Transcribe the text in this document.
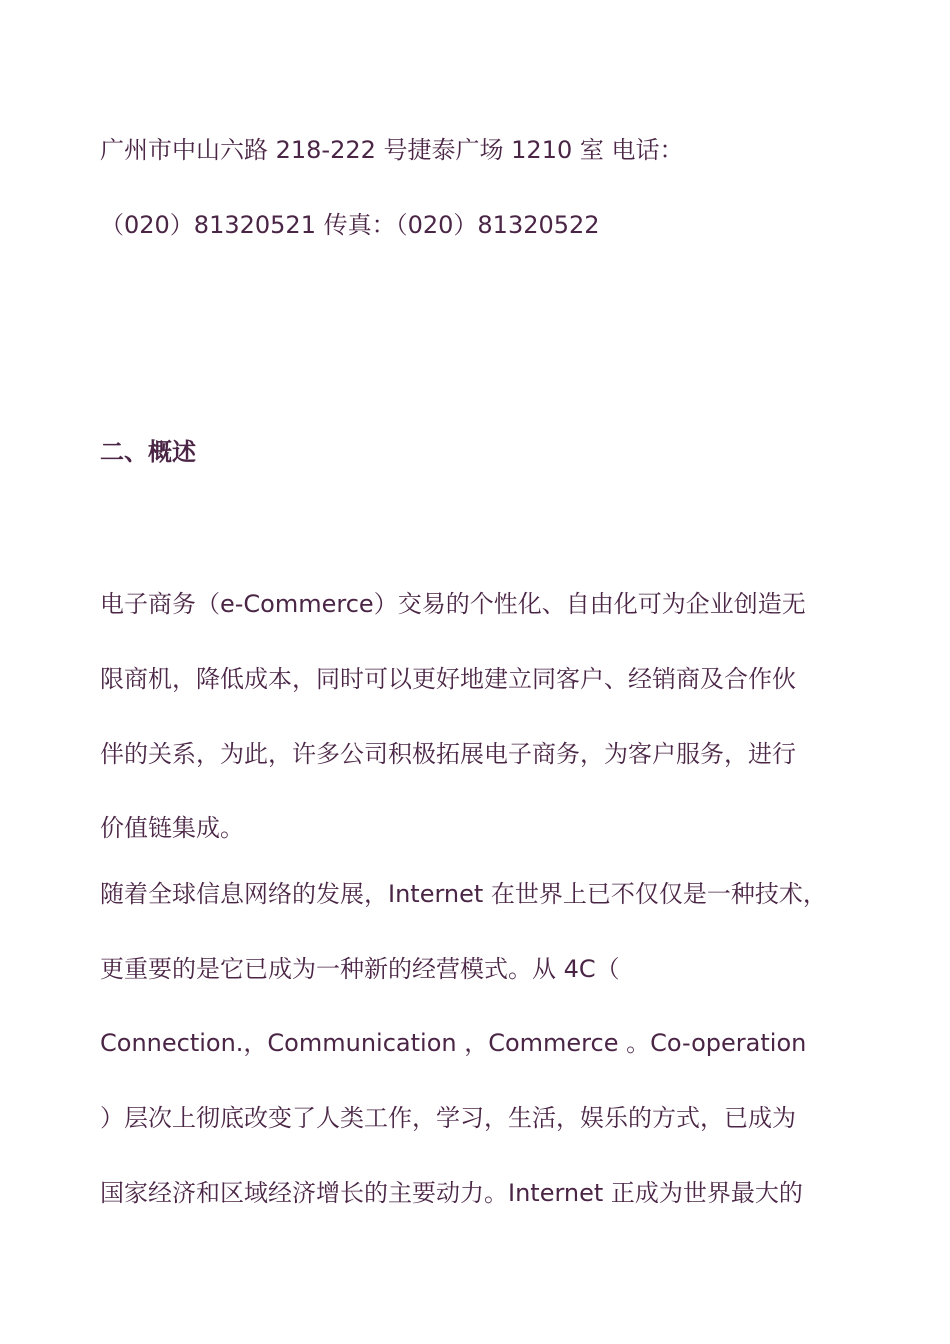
广州市中山六路 218-222 号捷泰广场 1210 室 电话：
（020）81320521 传真：（020）81320522
二、概述
电子商务（e-Commerce）交易的个性化、自由化可为企业创造无
限商机，降低成本，同时可以更好地建立同客户、经销商及合作伙
伴的关系，为此，许多公司积极拓展电子商务，为客户服务，进行
价值链集成。
随着全球信息网络的发展，Internet 在世界上已不仅仅是一种技术，
更重要的是它已成为一种新的经营模式。从 4C（
Connection.，Communication ，Commerce 。Co-operation
）层次上彻底改变了人类工作，学习，生活，娱乐的方式，已成为
国家经济和区域经济增长的主要动力。Internet 正成为世界最大的
